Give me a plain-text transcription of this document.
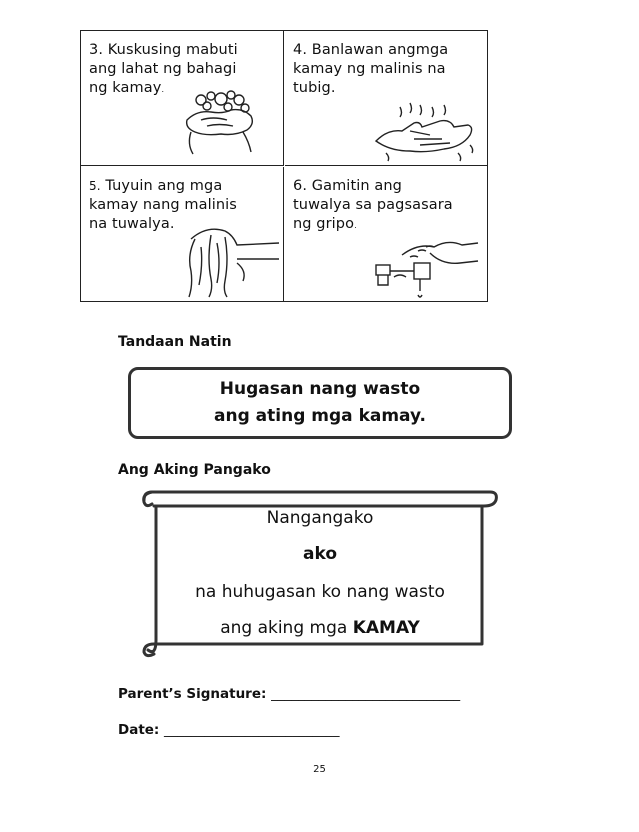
3. Kuskusing mabuti
ang lahat ng bahagi
ng kamay.
4. Banlawan angmga
kamay ng malinis na
tubig.
5. Tuyuin ang mga
kamay nang malinis
na tuwalya.
6. Gamitin ang
tuwalya sa pagsasara
ng gripo.
Tandaan Natin
Hugasan nang wasto
ang ating mga kamay.
Ang Aking Pangako
Nangangako
ako
na huhugasan ko nang wasto
ang aking mga KAMAY
Parent’s Signature: ____________________________
Date: __________________________
25
